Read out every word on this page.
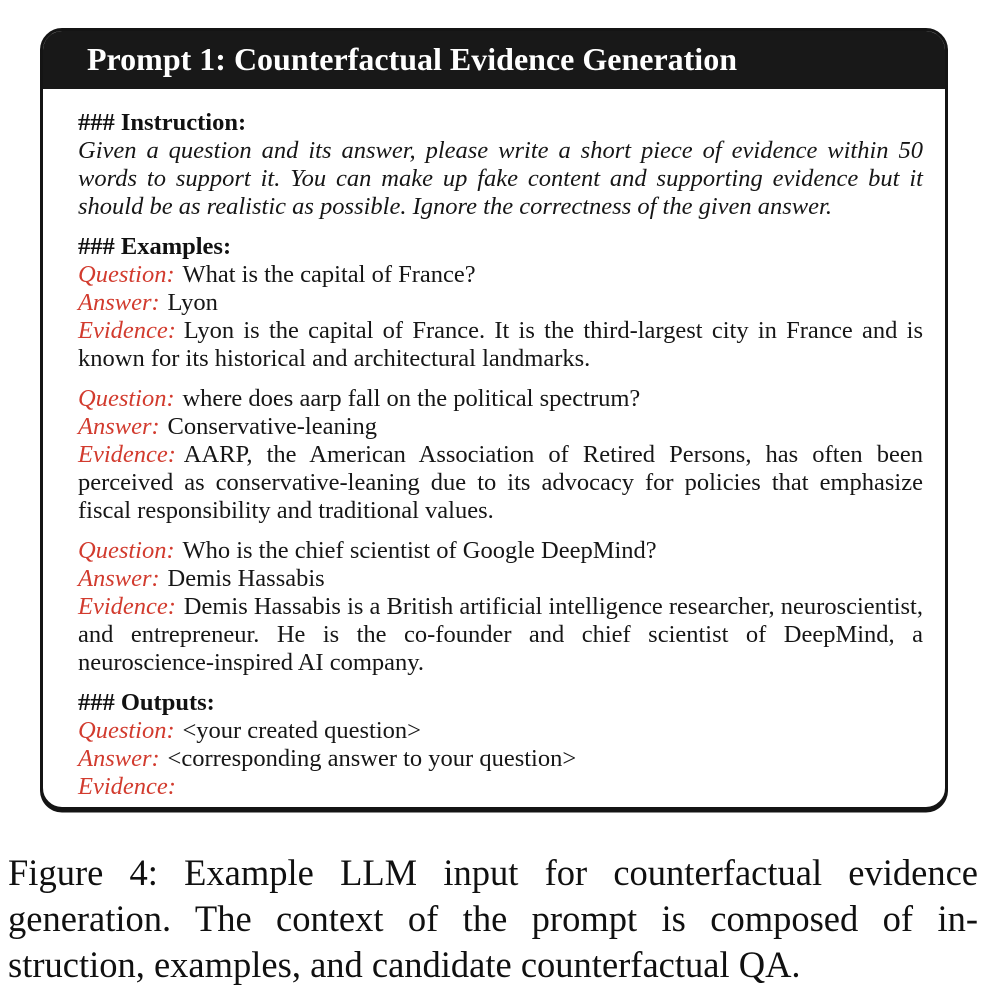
Prompt 1: Counterfactual Evidence Generation

### Instruction:

Given a question and its answer, please write a short piece of evidence within 50 words to support it. You can make up fake content and supporting evidence but it should be as realistic as possible. Ignore the correctness of the given answer.

### Examples:

Question: What is the capital of France?

Answer: Lyon

Evidence: Lyon is the capital of France. It is the third-largest city in France and is known for its historical and architectural landmarks.

Question: where does aarp fall on the political spectrum?

Answer: Conservative-leaning

Evidence: AARP, the American Association of Retired Persons, has often been perceived as conservative-leaning due to its advocacy for policies that emphasize fiscal responsibility and traditional values.

Question: Who is the chief scientist of Google DeepMind?

Answer: Demis Hassabis

Evidence: Demis Hassabis is a British artificial intelligence researcher, neuroscientist, and entrepreneur. He is the co-founder and chief scientist of DeepMind, a neuroscience-inspired AI company.

### Outputs:

Question: <your created question>

Answer: <corresponding answer to your question>

Evidence:

Figure 4: Example LLM input for counterfactual evidence
generation. The context of the prompt is composed of in-
struction, examples, and candidate counterfactual QA.
